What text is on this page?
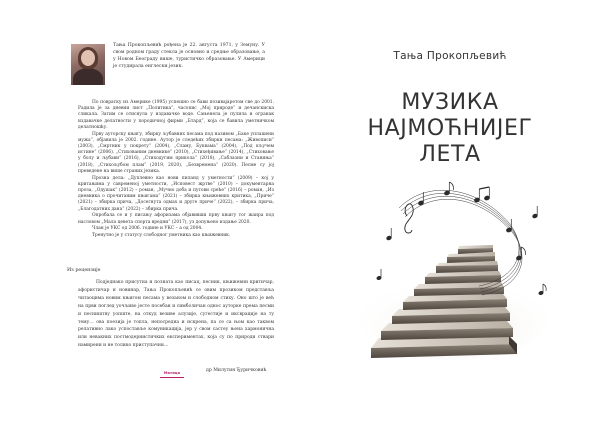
Тања Прокопљевић рођена је 22. августа 1971, у Земуну. У свом родном граду стекла је основно и средње образовање, а у Новом Београду више, туристичко образовање. У Америци је студирала енглески језик.

По повратку из Америке (1995) успешно се бави позивајаретом све до 2001. Радила је за дневни лист „Политика“, часопис „Мој природе“ и дечанскиска сликала. Затим се отиснула у издавачке воде. Сањенела је пулила и огранак издавачке делатности у породичној фирми „Бтард“, која се бавила уметничком делатношћу.

Прву ауторску књигу, збирку љубавних песама под називом „Баке уплашени мужа“, објавила је 2002. године. Аутор је следећих збирки песама: „Живописи“ (2003), „Смртник у покрету“ (2004), „Сламу, Буквама“ (2004), „Под кључем истине“ (2006), „Стихованим дневнике“ (2010), „Стихеђивање“ (2014), „Стиховање у болу и љубави“ (2016), „Стиходугим прикола“ (2018), „Саблазни и Станиња“ (2018), „Стихољубом плам“ (2019, 2020), „Безвремена“ (2020). Песме су јој преведене на више страних језика.

Прозна дела: „Дуплевно као нови пиланд у уметности“ (2009) – кој у критањима у савременој уметности, „Исповест жртве“ (2010) – документарна проза, „Одушак“ (2012) – роман, „Мучно доба и путови среће“ (2016) – роман, „Из дневника о прочитаним књигама“ (2021) – збирка књижевних критика, „Приче“ (2021) – збирка прича, „Досегнута одмах и друге приче“ (2022), – збирка прича, „Благодатних дана“ (2022) – збирка прича.

Опробала се и у писању афоризама објавивши прву књигу тог жанра под насловом „Мала цевета спорта вредни“ (2017), уз допуњено издање 2020.

Члан је УКС од 2006. године и УКС – а од 2004.

Тренутно је у статусу слободног уметника као књижевник.

Из рецензије

Подједнако присутна и позната као писац, песник, књижевни критичар, афористичар и новинар, Тања Прокопљевић се овим прозиком представља читаоцима новим књигом песама у везаном и слободном стиху. Оно што је већ на први поглед уочљиво јесте посебан и симболичан однос ауторке према песми и песништву уопште, на откуд везиве алузије, сугестије и иксврације на ту тему… ова поезија је топла, непосредна и искрена, па се са њом као таквом релативно лако успоставље комуникација, јер у свом састеу њена хармонична или невакних постмодернистичких експериментах, која су по природи ствари намирени и не толико приступачни…

Матица	др Милутин Ђуричковић
Тања Прокопљевић
МУЗИКА
НАЈМОЋНИЈЕГ
ЛЕТА
